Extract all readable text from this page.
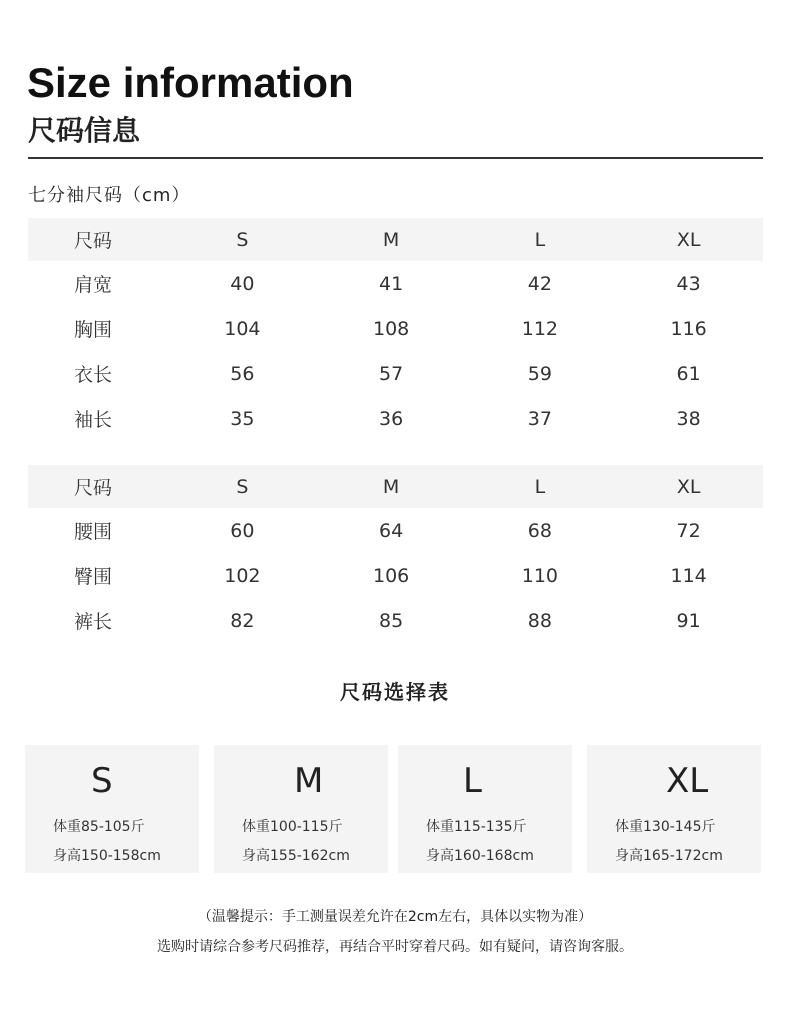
Size information
尺码信息

七分袖尺码（cm）

尺码	S	M	L	XL
肩宽	40	41	42	43
胸围	104	108	112	116
衣长	56	57	59	61
袖长	35	36	37	38
尺码	S	M	L	XL
腰围	60	64	68	72
臀围	102	106	110	114
裤长	82	85	88	91

尺码选择表

S
体重85-105斤
身高150-158cm
M
体重100-115斤
身高155-162cm
L
体重115-135斤
身高160-168cm
XL
体重130-145斤
身高165-172cm

（温馨提示：手工测量误差允许在2cm左右，具体以实物为准）

选购时请综合参考尺码推荐，再结合平时穿着尺码。如有疑问，请咨询客服。
